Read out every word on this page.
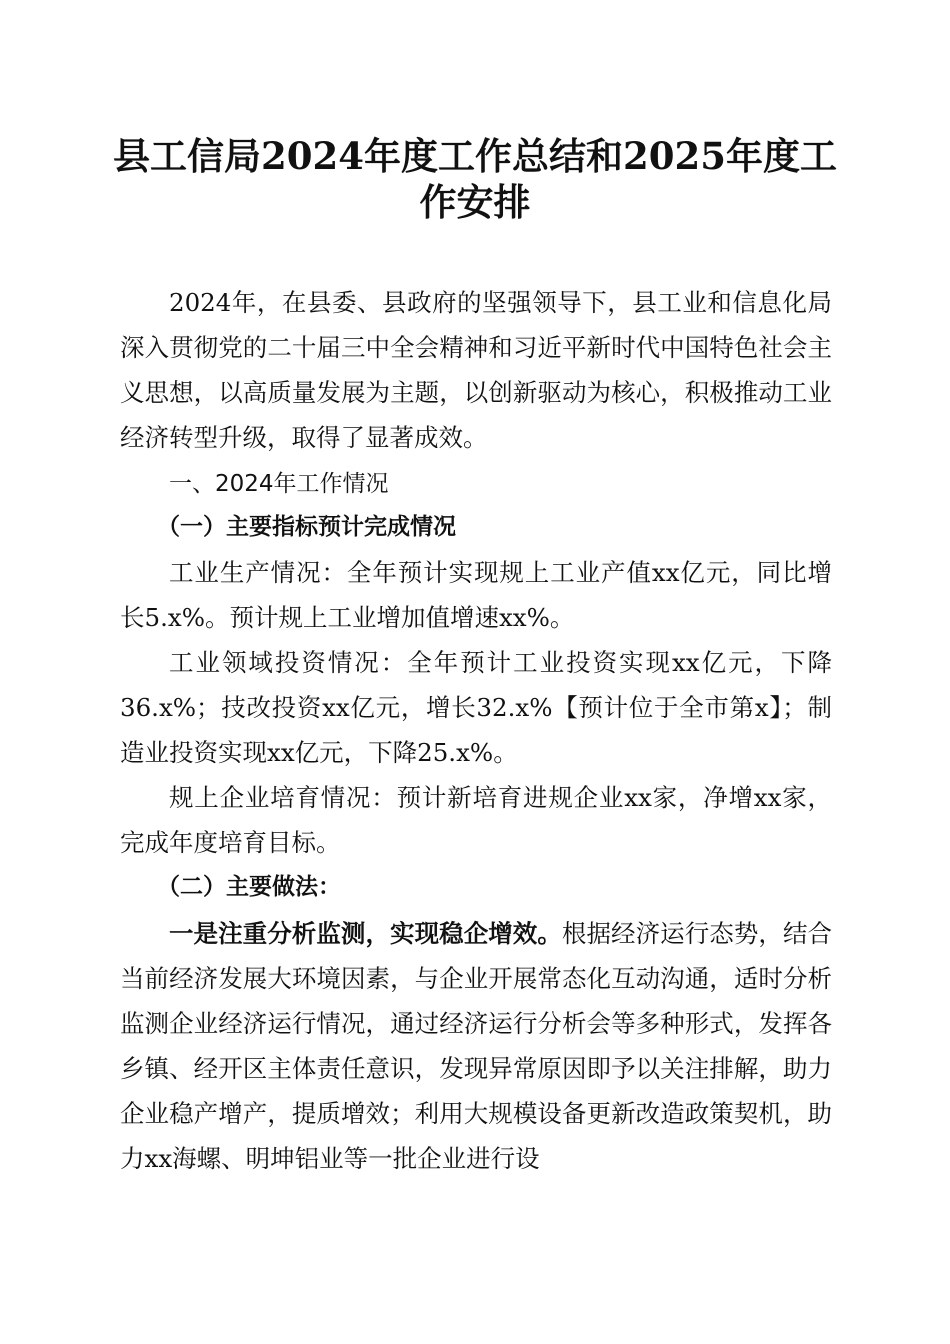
县工信局2024年度工作总结和2025年度工作安排

2024年，在县委、县政府的坚强领导下，县工业和信息化局深入贯彻党的二十届三中全会精神和习近平新时代中国特色社会主义思想，以高质量发展为主题，以创新驱动为核心，积极推动工业经济转型升级，取得了显著成效。

一、2024年工作情况

（一）主要指标预计完成情况

工业生产情况：全年预计实现规上工业产值xx亿元，同比增长5.x%。预计规上工业增加值增速xx%。

工业领域投资情况：全年预计工业投资实现xx亿元，下降36.x%；技改投资xx亿元，增长32.x%【预计位于全市第x】；制造业投资实现xx亿元，下降25.x%。

规上企业培育情况：预计新培育进规企业xx家，净增xx家，完成年度培育目标。

（二）主要做法：

一是注重分析监测，实现稳企增效。根据经济运行态势，结合当前经济发展大环境因素，与企业开展常态化互动沟通，适时分析监测企业经济运行情况，通过经济运行分析会等多种形式，发挥各乡镇、经开区主体责任意识，发现异常原因即予以关注排解，助力企业稳产增产，提质增效；利用大规模设备更新改造政策契机，助力xx海螺、明坤铝业等一批企业进行设
